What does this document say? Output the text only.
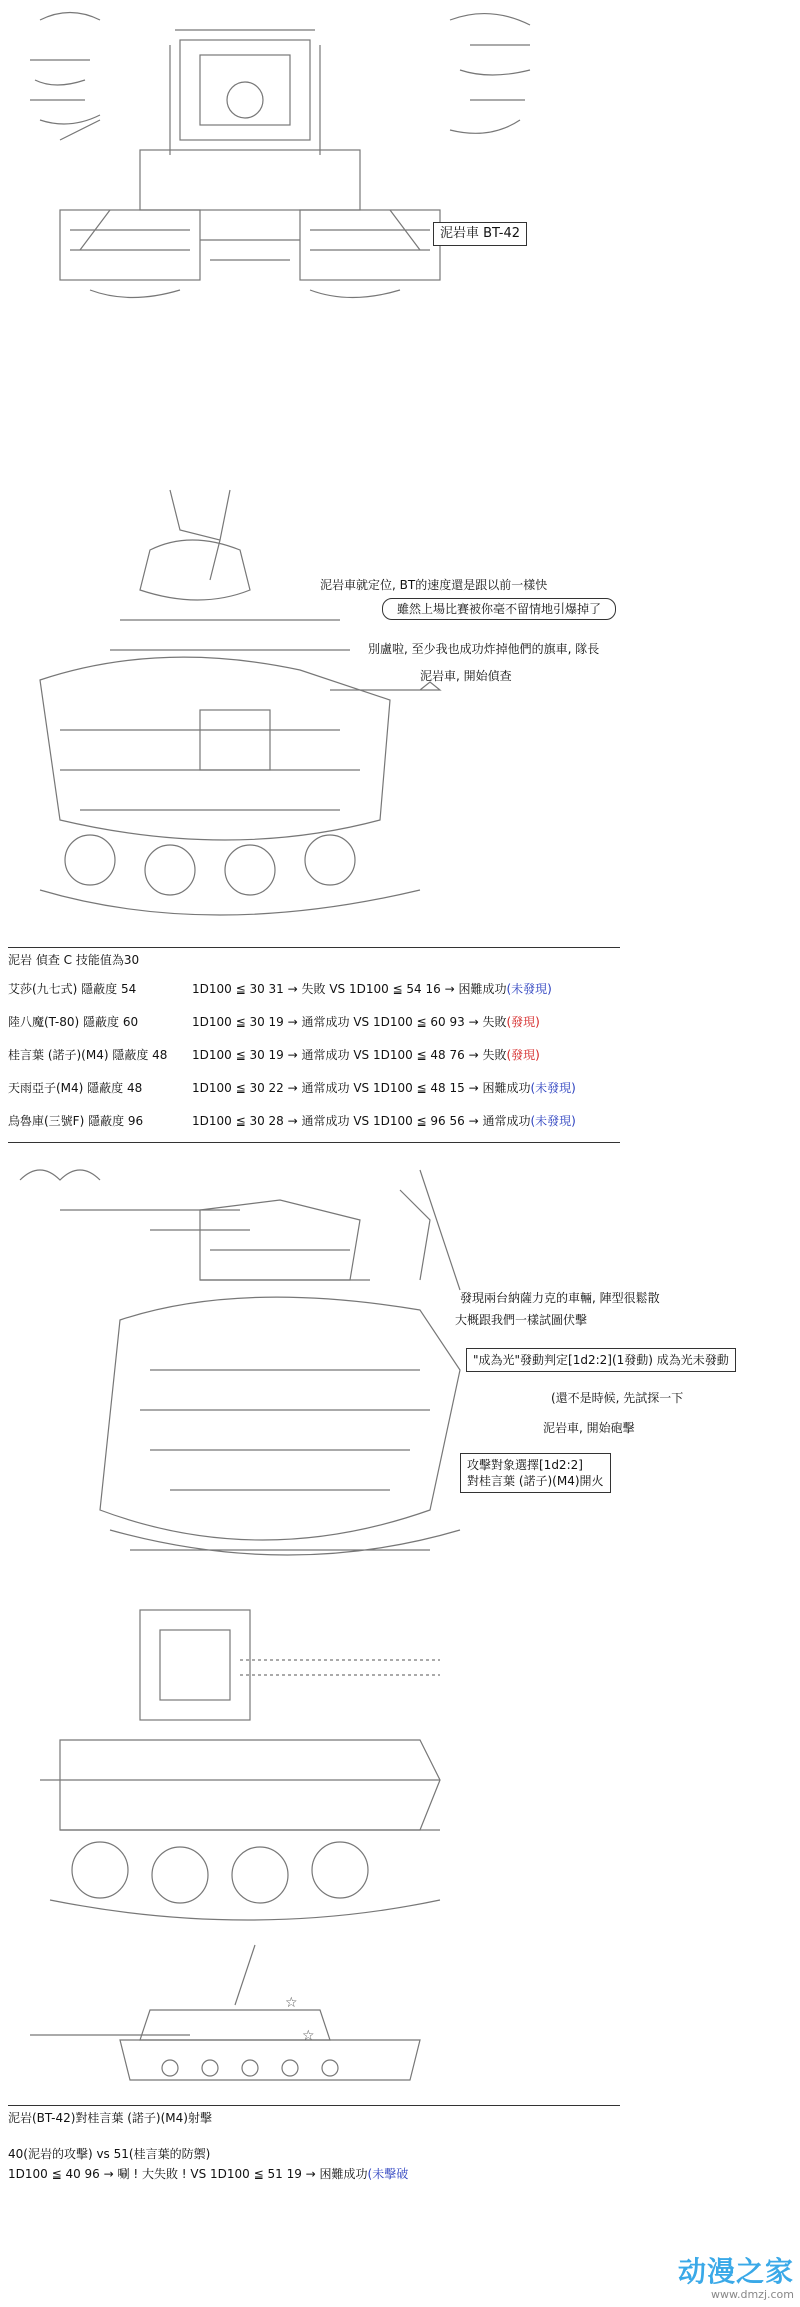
泥岩車 BT-42
泥岩車就定位, BT的速度還是跟以前一樣快
雖然上場比賽被你毫不留情地引爆掉了
別盧啦, 至少我也成功炸掉他們的旗車, 隊長
泥岩車, 開始偵查
泥岩 偵查 C 技能值為30
艾莎(九七式) 隱蔽度 54	1D100 ≦ 30 31 → 失敗 VS 1D100 ≦ 54 16 → 困難成功(未發現)
陸八魔(T-80) 隱蔽度 60	1D100 ≦ 30 19 → 通常成功 VS 1D100 ≦ 60 93 → 失敗(發現)
桂言葉 (諾子)(M4) 隱蔽度 48	1D100 ≦ 30 19 → 通常成功 VS 1D100 ≦ 48 76 → 失敗(發現)
天雨亞子(M4) 隱蔽度 48	1D100 ≦ 30 22 → 通常成功 VS 1D100 ≦ 48 15 → 困難成功(未發現)
烏魯庫(三號F) 隱蔽度 96	1D100 ≦ 30 28 → 通常成功 VS 1D100 ≦ 96 56 → 通常成功(未發現)
發現兩台納薩力克的車輛, 陣型很鬆散
大概跟我們一樣試圖伏擊
"成為光"發動判定[1d2:2](1發動) 成為光未發動
(還不是時候, 先試探一下
泥岩車, 開始砲擊
攻擊對象選擇[1d2:2]
對桂言葉 (諾子)(M4)開火
☆
☆
泥岩(BT-42)對桂言葉 (諾子)(M4)射擊
40(泥岩的攻擊) vs 51(桂言葉的防禦)
1D100 ≦ 40 96 → 唰 ! 大失敗 ! VS 1D100 ≦ 51 19 → 困難成功(未擊破
动漫之家
www.dmzj.com
